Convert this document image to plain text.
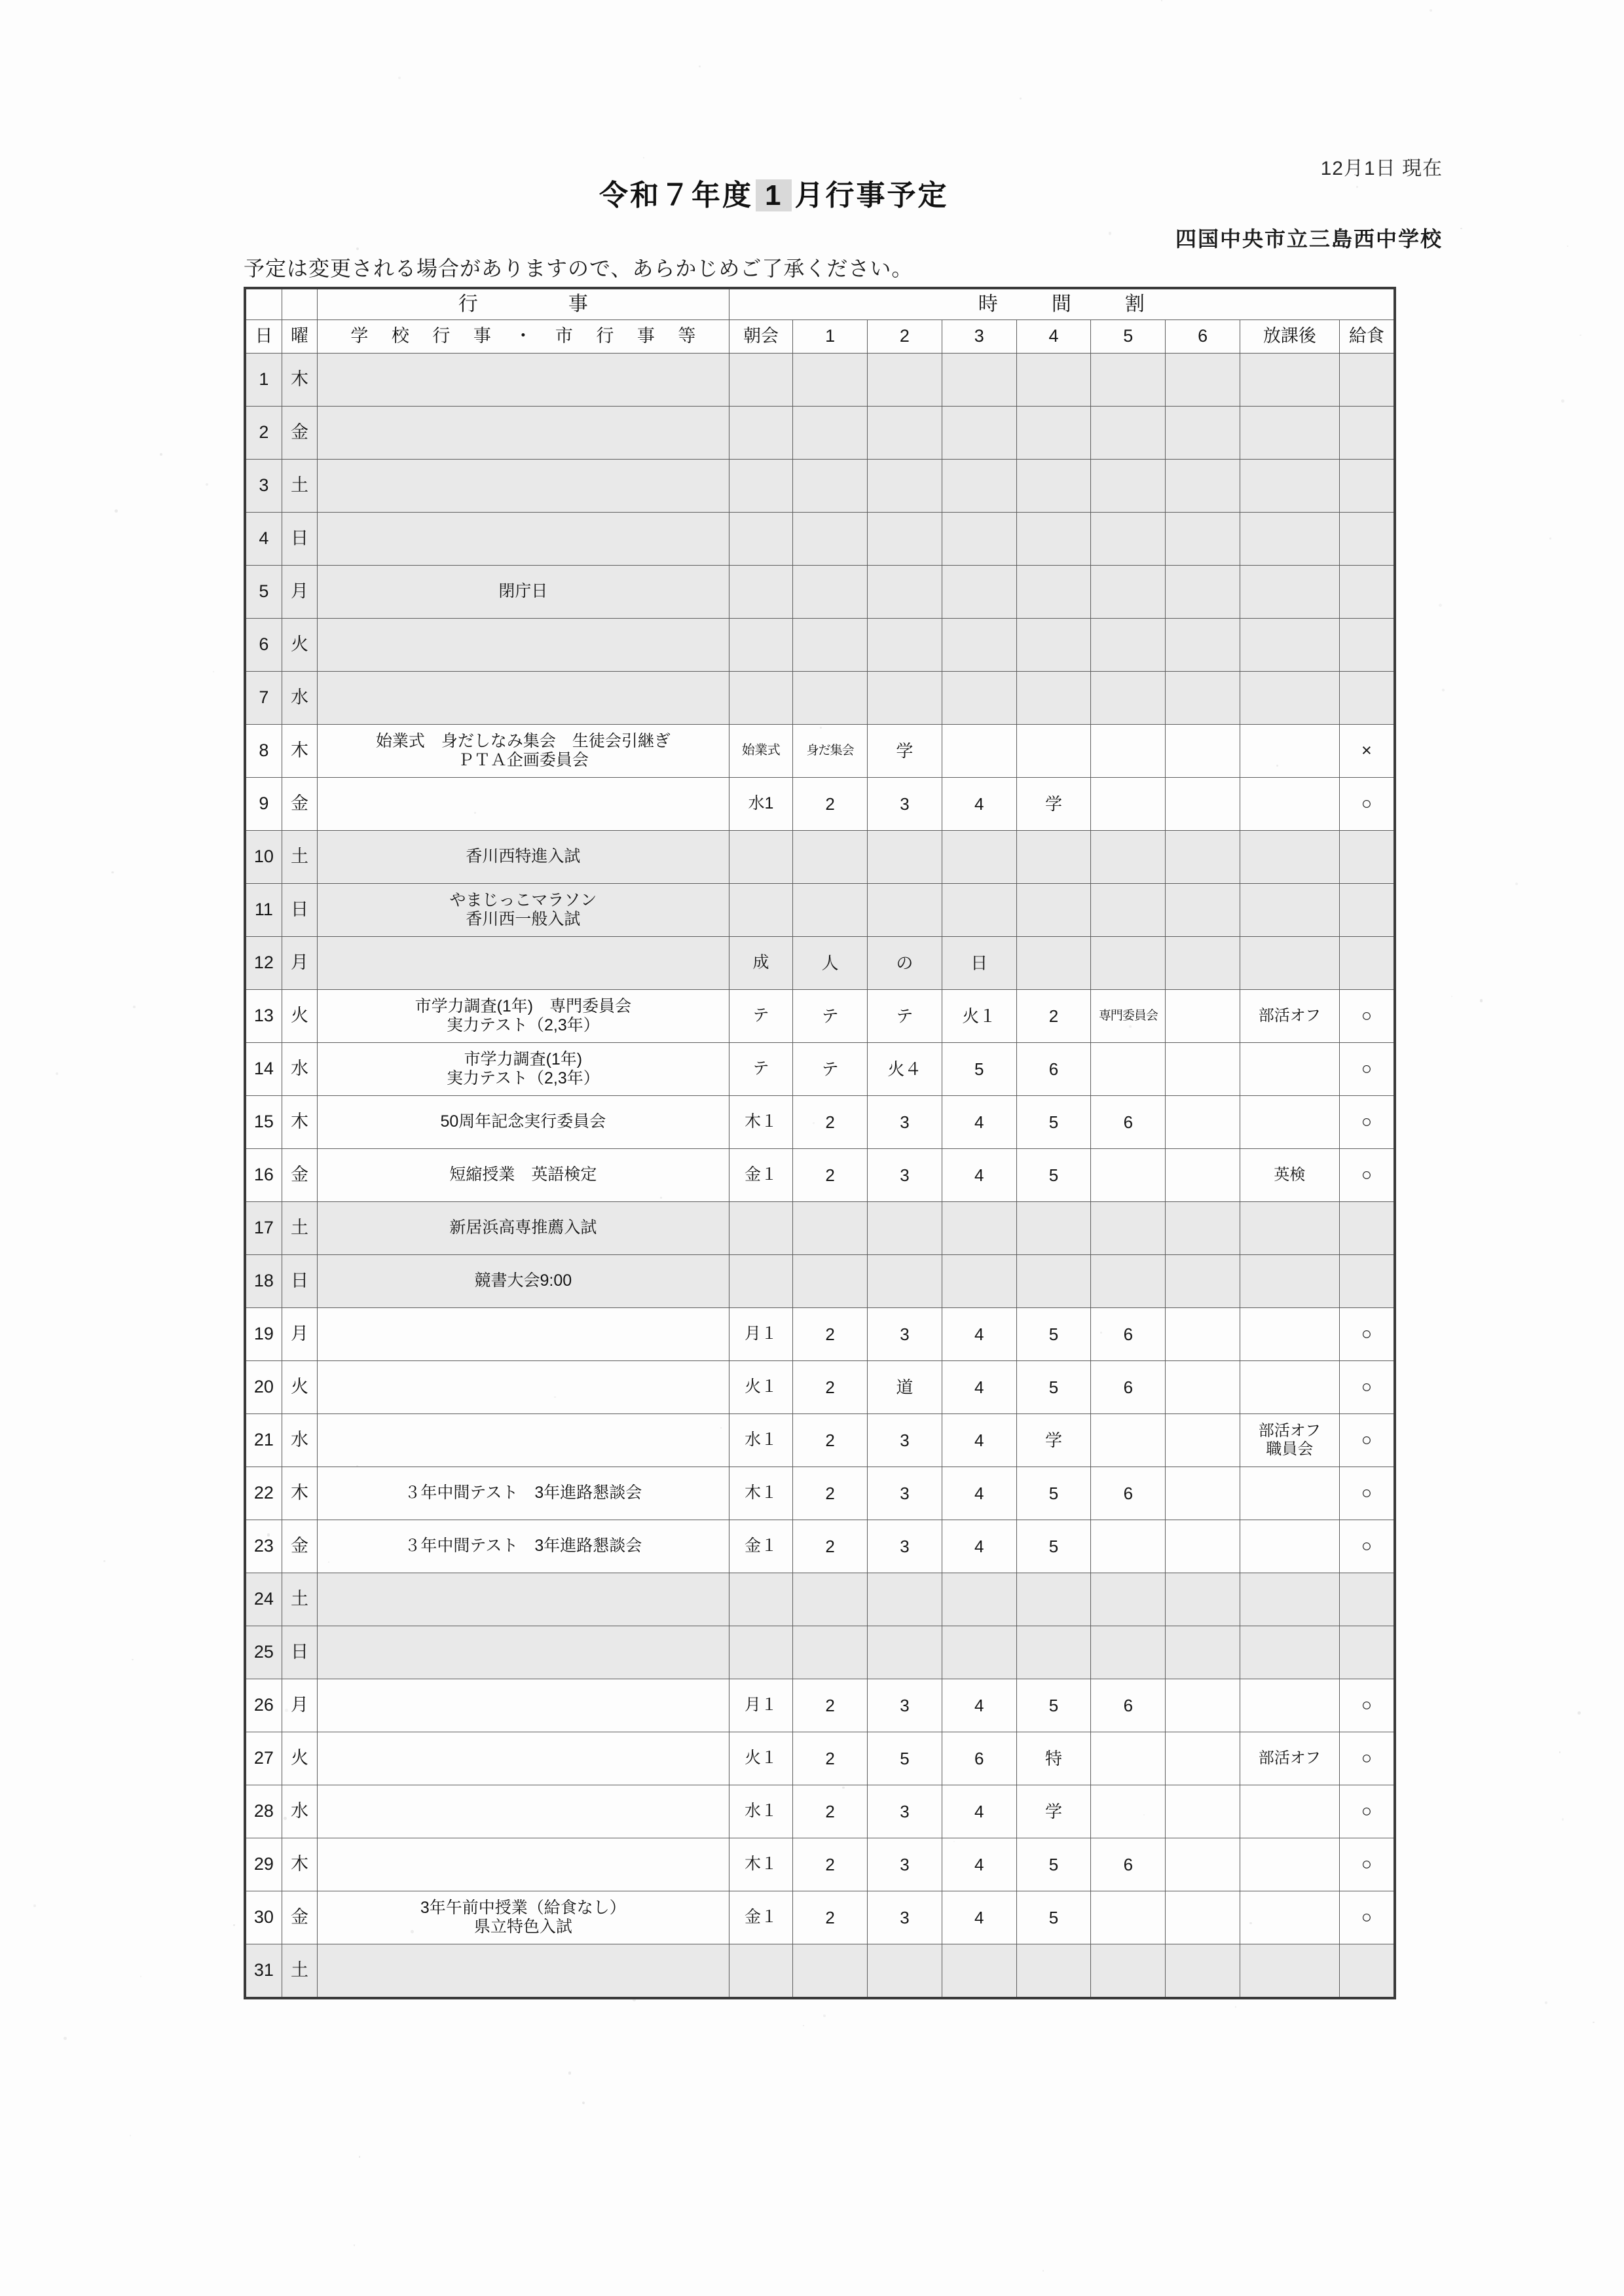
12月1日 現在
令和７年度 1 月行事予定
四国中央市立三島西中学校
予定は変更される場合がありますので、あらかじめご了承ください。
		行　　事	時　間　割								
日	曜	学 校 行 事 ・ 市 行 事 等	朝会	1	2	3	4	5	6	放課後	給食
1	木										
2	金										
3	土										
4	日										
5	月	閉庁日									

6	火										
7	水										
8	木	始業式　身だしなみ集会　生徒会引継ぎ
ＰＴＡ企画委員会	始業式	身だ集会	学						×
9	金		水1	2	3	4	学				○
10	土	香川西特進入試									

11	日	やまじっこマラソン
香川西一般入試									

12	月		成	人	の	日					
13	火	市学力調査(1年)　専門委員会
実力テスト（2,3年）	テ	テ	テ	火１	2	専門委員会		部活オフ	○
14	水	市学力調査(1年)
実力テスト（2,3年）	テ	テ	火４	5	6				○
15	木	50周年記念実行委員会	木１	2	3	4	5	6			○
16	金	短縮授業　英語検定	金１	2	3	4	5			英検	○
17	土	新居浜高専推薦入試									

18	日	競書大会9:00									

19	月		月１	2	3	4	5	6			○
20	火		火１	2	道	4	5	6			○
21	水		水１	2	3	4	学			部活オフ
職員会	○
22	木	３年中間テスト　3年進路懇談会	木１	2	3	4	5	6			○
23	金	３年中間テスト　3年進路懇談会	金１	2	3	4	5				○
24	土										
25	日										
26	月		月１	2	3	4	5	6			○
27	火		火１	2	5	6	特			部活オフ	○
28	水		水１	2	3	4	学				○
29	木		木１	2	3	4	5	6			○
30	金	3年午前中授業（給食なし）
県立特色入試	金１	2	3	4	5				○
31	土										
